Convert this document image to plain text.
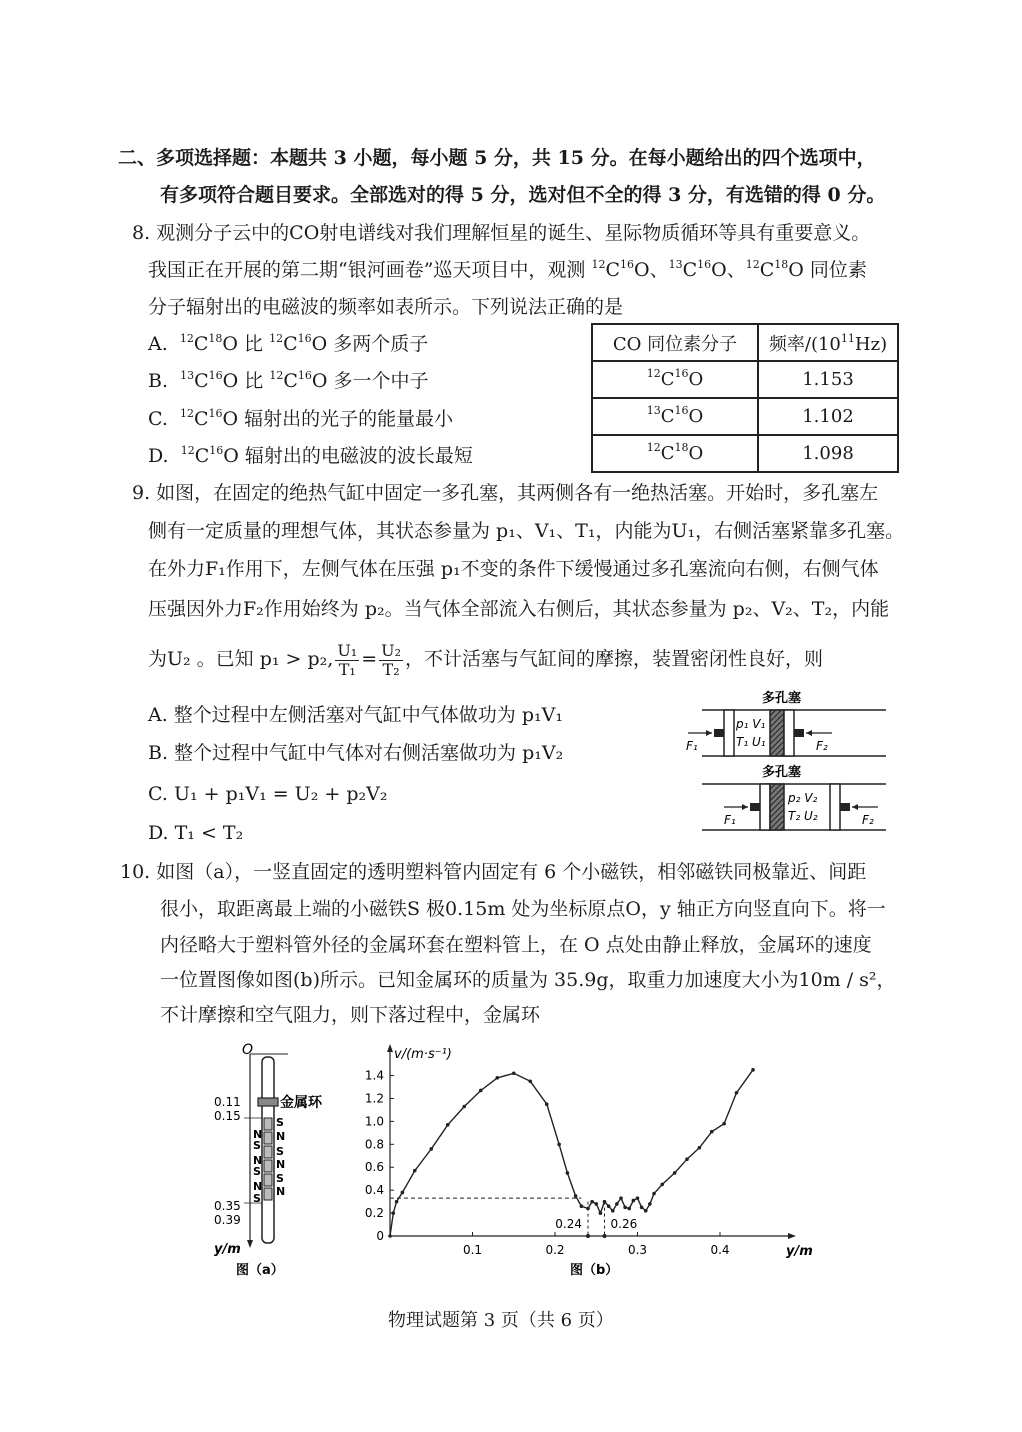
二、多项选择题：本题共 3 小题，每小题 5 分，共 15 分。在每小题给出的四个选项中，
有多项符合题目要求。全部选对的得 5 分，选对但不全的得 3 分，有选错的得 0 分。
8. 观测分子云中的CO射电谱线对我们理解恒星的诞生、星际物质循环等具有重要意义。
我国正在开展的第二期“银河画卷”巡天项目中，观测 $^{12}C^{16}O$、$^{13}C^{16}O$、$^{12}C^{18}O$ 同位素
分子辐射出的电磁波的频率如表所示。下列说法正确的是
A. $^{12}C^{18}O$ 比 $^{12}C^{16}O$ 多两个质子
B. $^{13}C^{16}O$ 比 $^{12}C^{16}O$ 多一个中子
C. $^{12}C^{16}O$ 辐射出的光子的能量最小
D. $^{12}C^{16}O$ 辐射出的电磁波的波长最短
CO 同位素分子	频率$/(10^{11}Hz)$
$^{12}C^{16}O$	1.153
$^{13}C^{16}O$	1.102
$^{12}C^{18}O$	1.098
9. 如图，在固定的绝热气缸中固定一多孔塞，其两侧各有一绝热活塞。开始时，多孔塞左
侧有一定质量的理想气体，其状态参量为 p₁、V₁、T₁，内能为U₁，右侧活塞紧靠多孔塞。
在外力F₁作用下，左侧气体在压强 p₁不变的条件下缓慢通过多孔塞流向右侧，右侧气体
压强因外力F₂作用始终为 p₂。当气体全部流入右侧后，其状态参量为 p₂、V₂、T₂，内能
为U₂ 。已知 p₁ > p₂, $\frac{\text{U₁}}{\text{T₁}} = \frac{\text{U₂}}{\text{T₂}}$ ，不计活塞与气缸间的摩擦，装置密闭性良好，则
A. 整个过程中左侧活塞对气缸中气体做功为 p₁V₁
B. 整个过程中气缸中气体对右侧活塞做功为 p₁V₂
C. U₁ + p₁V₁ = U₂ + p₂V₂
D. T₁ < T₂
多孔塞
p₁ V₁
T₁ U₁
F₁	F₂
多孔塞
p₂ V₂
T₂ U₂
F₁	F₂
10. 如图（a），一竖直固定的透明塑料管内固定有 6 个小磁铁，相邻磁铁同极靠近、间距
很小，取距离最上端的小磁铁S 极0.15m 处为坐标原点O，y 轴正方向竖直向下。将一
内径略大于塑料管外径的金属环套在塑料管上，在 O 点处由静止释放，金属环的速度
一位置图像如图(b)所示。已知金属环的质量为 35.9g，取重力加速度大小为10m / s²，
不计摩擦和空气阻力，则下落过程中，金属环
O
金属环
N
S
N
S
N
S
S
N
S
N
S
N
0.11
0.15
0.35
0.39
y/m
图（a）
v/(m·s⁻¹)
y/m
0
0.2
0.4
0.6
0.8
1.0
1.2
1.4
0.1	0.2	0.3	0.4
0.24 0.26
图（b）
物理试题第 3 页（共 6 页）
